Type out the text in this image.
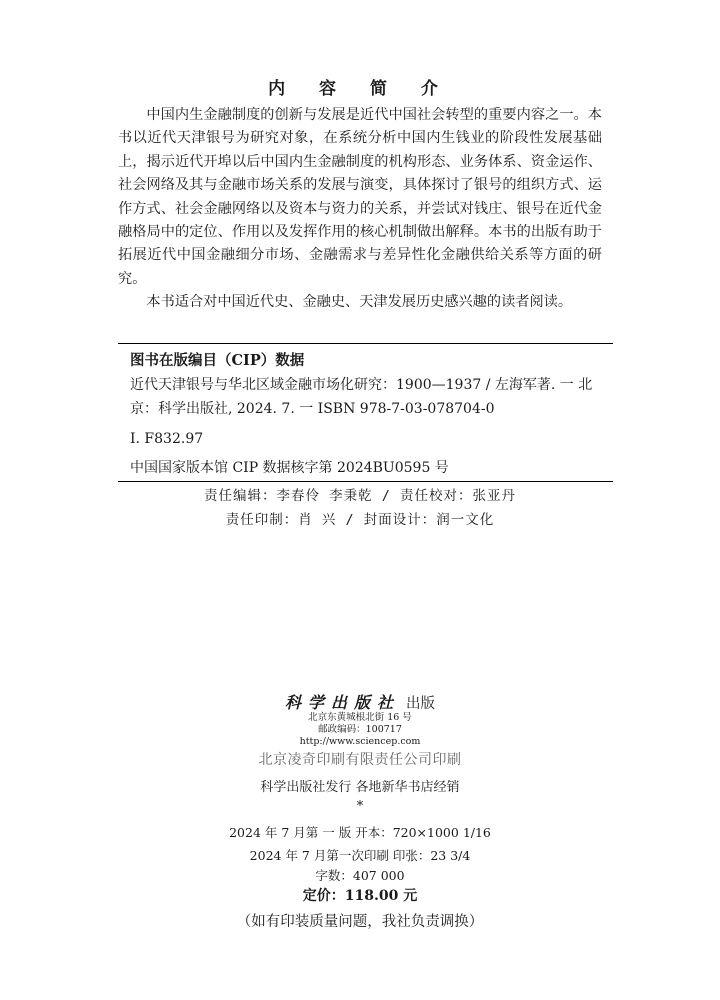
内 容 简 介

中国内生金融制度的创新与发展是近代中国社会转型的重要内容之一。本书以近代天津银号为研究对象，在系统分析中国内生钱业的阶段性发展基础上，揭示近代开埠以后中国内生金融制度的机构形态、业务体系、资金运作、社会网络及其与金融市场关系的发展与演变，具体探讨了银号的组织方式、运作方式、社会金融网络以及资本与资力的关系，并尝试对钱庄、银号在近代金融格局中的定位、作用以及发挥作用的核心机制做出解释。本书的出版有助于拓展近代中国金融细分市场、金融需求与差异性化金融供给关系等方面的研究。

本书适合对中国近代史、金融史、天津发展历史感兴趣的读者阅读。

图书在版编目（CIP）数据
近代天津银号与华北区域金融市场化研究：1900—1937 / 左海军著. 一 北
京：科学出版社, 2024. 7. 一 ISBN 978-7-03-078704-0
Ⅰ. F832.97
中国国家版本馆 CIP 数据核字第 2024BU0595 号
责任编辑：李春伶 李秉乾 / 责任校对：张亚丹
责任印制：肖 兴 / 封面设计：润一文化
科学出版社 出版
北京东黄城根北街 16 号
邮政编码：100717
http://www.sciencep.com
北京凌奇印刷有限责任公司印刷
科学出版社发行 各地新华书店经销
*
2024 年 7 月第 一 版 开本：720×1000 1/16
2024 年 7 月第一次印刷 印张：23 3/4
字数：407 000
定价：118.00 元
（如有印装质量问题，我社负责调换）
